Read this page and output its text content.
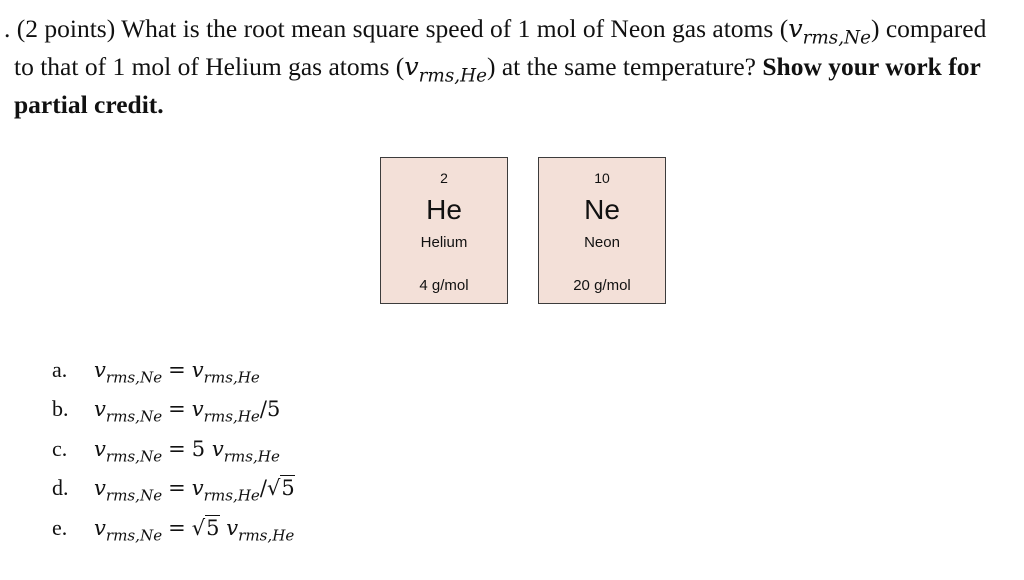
. (2 points) What is the root mean square speed of 1 mol of Neon gas atoms $(v_{rms,Ne})$ compared
to that of 1 mol of Helium gas atoms $(v_{rms,He})$ at the same temperature? Show your work for
partial credit.
2
He
Helium
4 g/mol
10
Ne
Neon
20 g/mol
a.	$v_{rms,Ne} = v_{rms,He}$
b.	$v_{rms,Ne} = v_{rms,He}/5$
c.	$v_{rms,Ne} = 5$ $v_{rms,He}$
d.	$v_{rms,Ne} = v_{rms,He}/√5$
e.	$v_{rms,Ne} = √5$ $v_{rms,He}$
